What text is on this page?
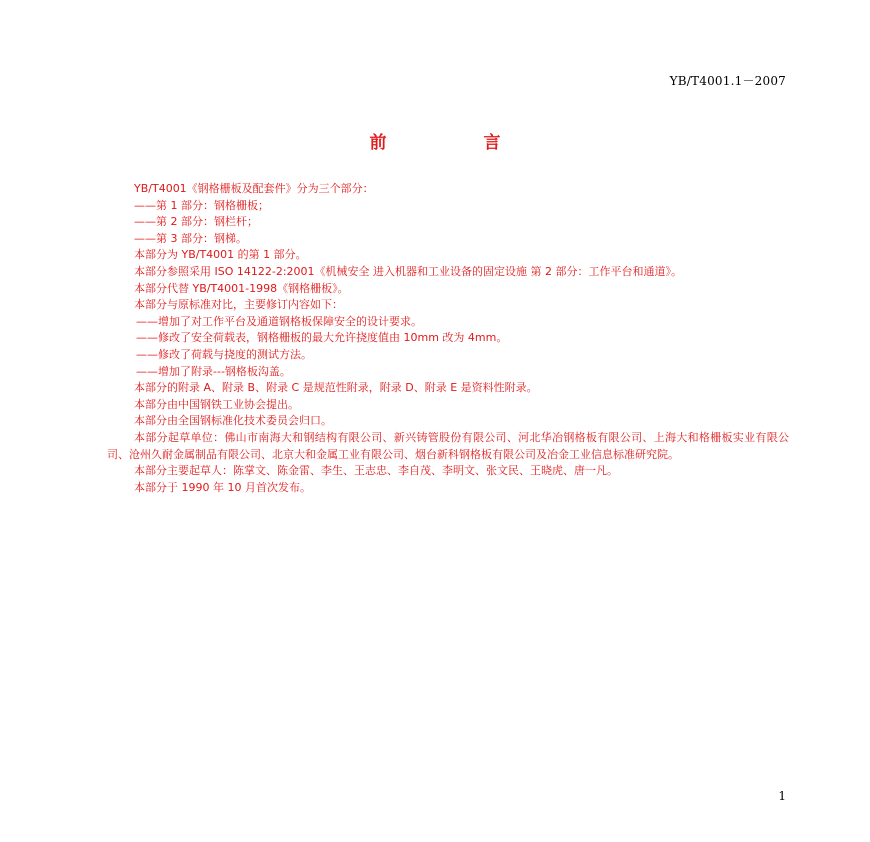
YB/T4001.1－2007
前　言

YB/T4001《钢格栅板及配套件》分为三个部分：

——第 1 部分：钢格栅板；

——第 2 部分：钢栏杆；

——第 3 部分：钢梯。

本部分为 YB/T4001 的第 1 部分。

本部分参照采用 ISO 14122-2:2001《机械安全 进入机器和工业设备的固定设施 第 2 部分：工作平台和通道》。

本部分代替 YB/T4001-1998《钢格栅板》。

本部分与原标准对比，主要修订内容如下：

——增加了对工作平台及通道钢格板保障安全的设计要求。

——修改了安全荷载表，钢格栅板的最大允许挠度值由 10mm 改为 4mm。

——修改了荷载与挠度的测试方法。

——增加了附录---钢格板沟盖。

本部分的附录 A、附录 B、附录 C 是规范性附录，附录 D、附录 E 是资料性附录。

本部分由中国钢铁工业协会提出。

本部分由全国钢标准化技术委员会归口。

本部分起草单位：佛山市南海大和钢结构有限公司、新兴铸管股份有限公司、河北华冶钢格板有限公司、上海大和格栅板实业有限公司、沧州久耐金属制品有限公司、北京大和金属工业有限公司、烟台新科钢格板有限公司及冶金工业信息标准研究院。

本部分主要起草人：陈掌文、陈金雷、李生、王志忠、李自茂、李明文、张文民、王晓虎、唐一凡。

本部分于 1990 年 10 月首次发布。

1
